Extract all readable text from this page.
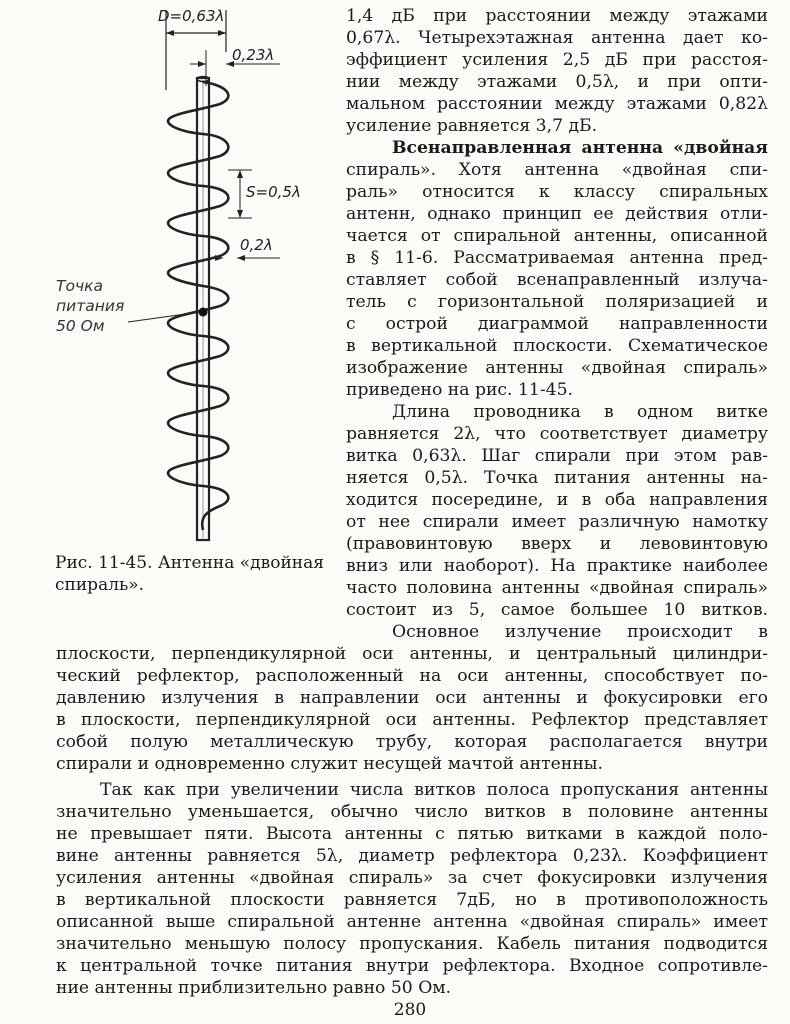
D=0,63λ
0,23λ
S=0,5λ
0,2λ
Точка
питания
50 Ом
Рис. 11-45. Антенна «двойная спираль».
1,4 дБ при расстоянии между этажами
0,67λ. Четырехэтажная антенна дает ко-
эффициент усиления 2,5 дБ при расстоя-
нии между этажами 0,5λ, и при опти-
мальном расстоянии между этажами 0,82λ
усиление равняется 3,7 дБ.
Всенаправленная антенна «двойная
спираль». Хотя антенна «двойная спи-
раль» относится к классу спиральных
антенн, однако принцип ее действия отли-
чается от спиральной антенны, описанной
в § 11-6. Рассматриваемая антенна пред-
ставляет собой всенаправленный излуча-
тель с горизонтальной поляризацией и
с острой диаграммой направленности
в вертикальной плоскости. Схематическое
изображение антенны «двойная спираль»
приведено на рис. 11-45.
Длина проводника в одном витке
равняется 2λ, что соответствует диаметру
витка 0,63λ. Шаг спирали при этом рав-
няется 0,5λ. Точка питания антенны на-
ходится посередине, и в оба направления
от нее спирали имеет различную намотку
(правовинтовую вверх и левовинтовую
вниз или наоборот). На практике наиболее
часто половина антенны «двойная спираль»
состоит из 5, самое большее 10 витков.
Основное излучение происходит в
плоскости, перпендикулярной оси антенны, и центральный цилиндри-
ческий рефлектор, расположенный на оси антенны, способствует по-
давлению излучения в направлении оси антенны и фокусировки его
в плоскости, перпендикулярной оси антенны. Рефлектор представляет
собой полую металлическую трубу, которая располагается внутри
спирали и одновременно служит несущей мачтой антенны.
Так как при увеличении числа витков полоса пропускания антенны
значительно уменьшается, обычно число витков в половине антенны
не превышает пяти. Высота антенны с пятью витками в каждой поло-
вине антенны равняется 5λ, диаметр рефлектора 0,23λ. Коэффициент
усиления антенны «двойная спираль» за счет фокусировки излучения
в вертикальной плоскости равняется 7дБ, но в противоположность
описанной выше спиральной антенне антенна «двойная спираль» имеет
значительно меньшую полосу пропускания. Кабель питания подводится
к центральной точке питания внутри рефлектора. Входное сопротивле-
ние антенны приблизительно равно 50 Ом.
280
